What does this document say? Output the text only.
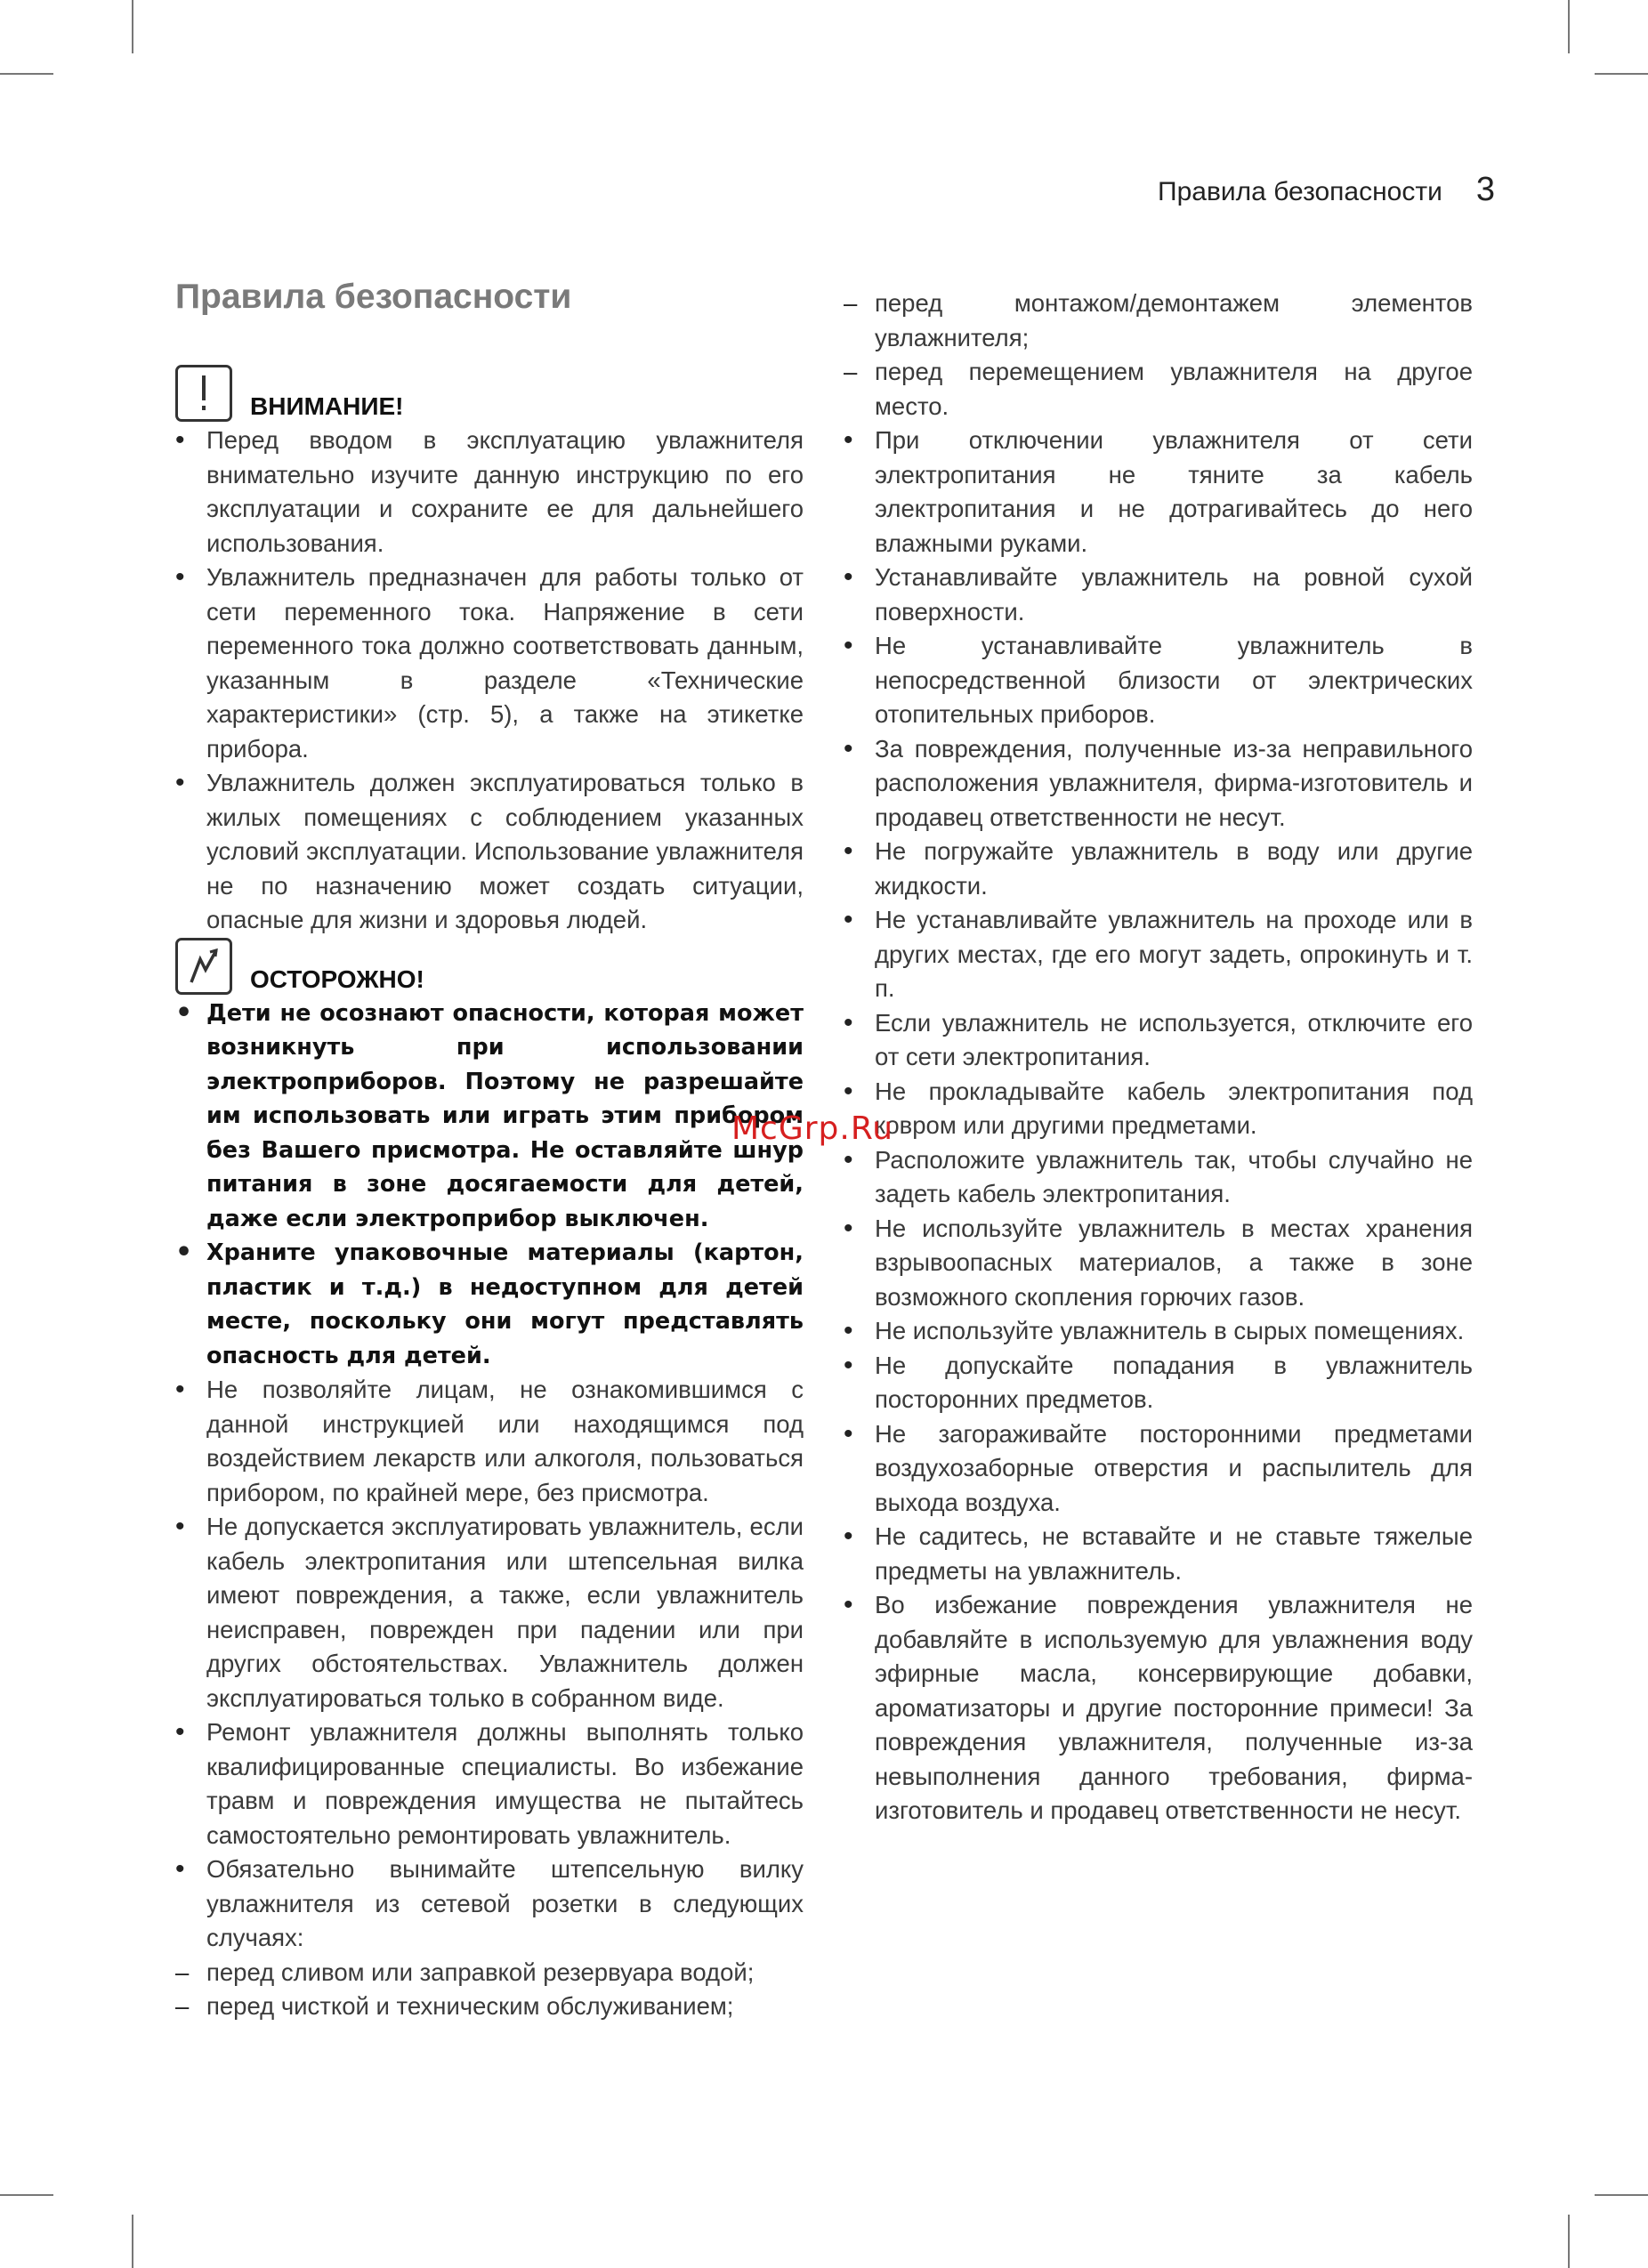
Правила безопасности 3
Правила безопасности
ВНИМАНИЕ!
• Перед вводом в эксплуатацию увлажнителя внимательно изучите данную инструкцию по его эксплуатации и сохраните ее для дальнейшего использования.
• Увлажнитель предназначен для работы только от сети переменного тока. Напряжение в сети переменного тока должно соответствовать данным, указанным в разделе «Технические характеристики» (стр. 5), а также на этикетке прибора.
• Увлажнитель должен эксплуатироваться только в жилых помещениях с соблюдением указанных условий эксплуатации. Использование увлажнителя не по назначению может создать ситуации, опасные для жизни и здоровья людей.
ОСТОРОЖНО!
• Дети не осознают опасности, которая может возникнуть при использовании электроприборов. Поэтому не разрешайте им использовать или играть этим прибором без Вашего присмотра. Не оставляйте шнур питания в зоне досягаемости для детей, даже если электроприбор выключен.
• Храните упаковочные материалы (картон, пластик и т.д.) в недоступном для детей месте, поскольку они могут представлять опасность для детей.
• Не позволяйте лицам, не ознакомившимся с данной инструкцией или находящимся под воздействием лекарств или алкоголя, пользоваться прибором, по крайней мере, без присмотра.
• Не допускается эксплуатировать увлажнитель, если кабель электропитания или штепсельная вилка имеют повреждения, а также, если увлажнитель неисправен, поврежден при падении или при других обстоятельствах. Увлажнитель должен эксплуатироваться только в собранном виде.
• Ремонт увлажнителя должны выполнять только квалифицированные специалисты. Во избежание травм и повреждения имущества не пытайтесь самостоятельно ремонтировать увлажнитель.
• Обязательно вынимайте штепсельную вилку увлажнителя из сетевой розетки в следующих случаях:
– перед сливом или заправкой резервуара водой;
– перед чисткой и техническим обслуживанием;
– перед монтажом/демонтажем элементов увлажнителя;
– перед перемещением увлажнителя на другое место.
• При отключении увлажнителя от сети электропитания не тяните за кабель электропитания и не дотрагивайтесь до него влажными руками.
• Устанавливайте увлажнитель на ровной сухой поверхности.
• Не устанавливайте увлажнитель в непосредственной близости от электрических отопительных приборов.
• За повреждения, полученные из-за неправильного расположения увлажнителя, фирма-изготовитель и продавец ответственности не несут.
• Не погружайте увлажнитель в воду или другие жидкости.
• Не устанавливайте увлажнитель на проходе или в других местах, где его могут задеть, опрокинуть и т. п.
• Если увлажнитель не используется, отключите его от сети электропитания.
• Не прокладывайте кабель электропитания под ковром или другими предметами.
• Расположите увлажнитель так, чтобы случайно не задеть кабель электропитания.
• Не используйте увлажнитель в местах хранения взрывоопасных материалов, а также в зоне возможного скопления горючих газов.
• Не используйте увлажнитель в сырых помещениях.
• Не допускайте попадания в увлажнитель посторонних предметов.
• Не загораживайте посторонними предметами воздухозаборные отверстия и распылитель для выхода воздуха.
• Не садитесь, не вставайте и не ставьте тяжелые предметы на увлажнитель.
• Во избежание повреждения увлажнителя не добавляйте в используемую для увлажнения воду эфирные масла, консервирующие добавки, ароматизаторы и другие посторонние примеси! За повреждения увлажнителя, полученные из-за невыполнения данного требования, фирма-изготовитель и продавец ответственности не несут.
McGrp.Ru
